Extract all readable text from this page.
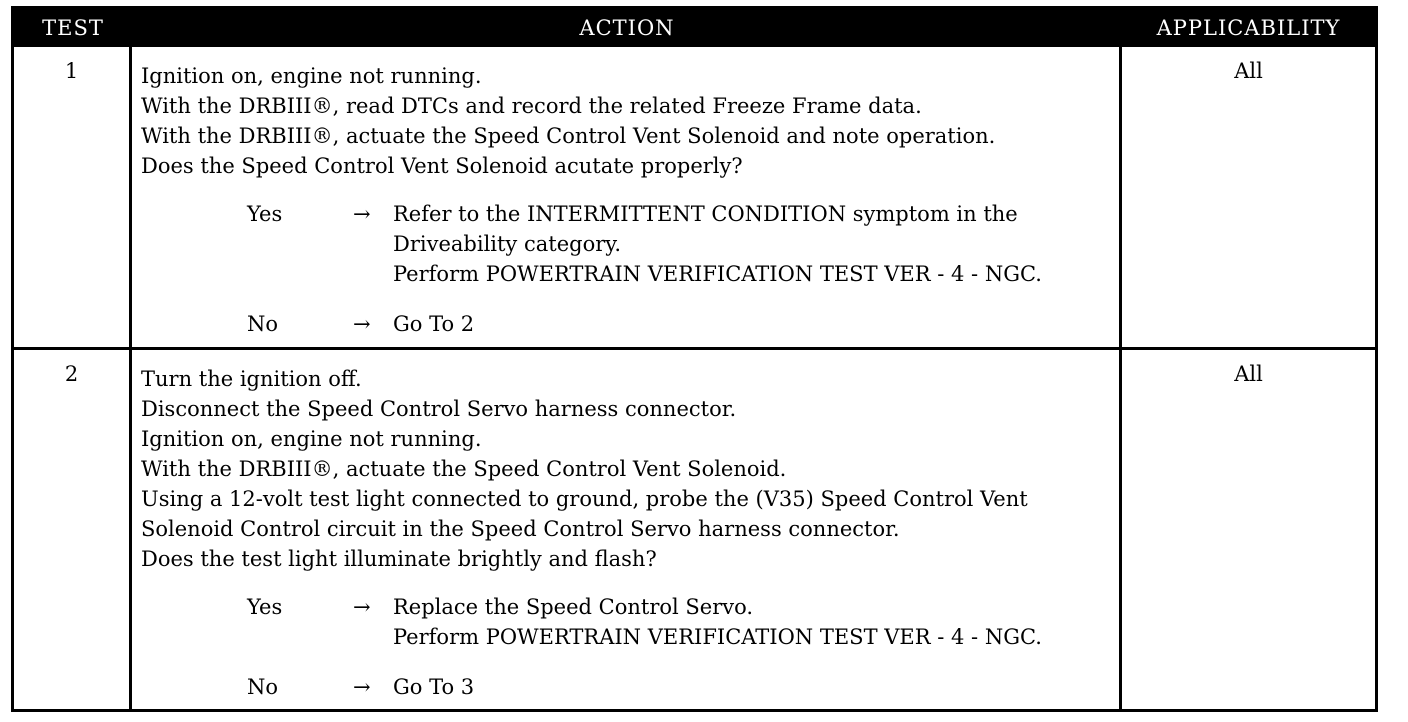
TEST	ACTION	APPLICABILITY
1	Ignition on, engine not running.
With the DRBIII®, read DTCs and record the related Freeze Frame data.
With the DRBIII®, actuate the Speed Control Vent Solenoid and note operation.
Does the Speed Control Vent Solenoid acutate properly?
Yes	→	Refer to the INTERMITTENT CONDITION symptom in the
Driveability category.
Perform POWERTRAIN VERIFICATION TEST VER - 4 - NGC.
No	→	Go To 2
All
2	Turn the ignition off.
Disconnect the Speed Control Servo harness connector.
Ignition on, engine not running.
With the DRBIII®, actuate the Speed Control Vent Solenoid.
Using a 12-volt test light connected to ground, probe the (V35) Speed Control Vent
Solenoid Control circuit in the Speed Control Servo harness connector.
Does the test light illuminate brightly and flash?
Yes	→	Replace the Speed Control Servo.
Perform POWERTRAIN VERIFICATION TEST VER - 4 - NGC.
No	→	Go To 3
All
